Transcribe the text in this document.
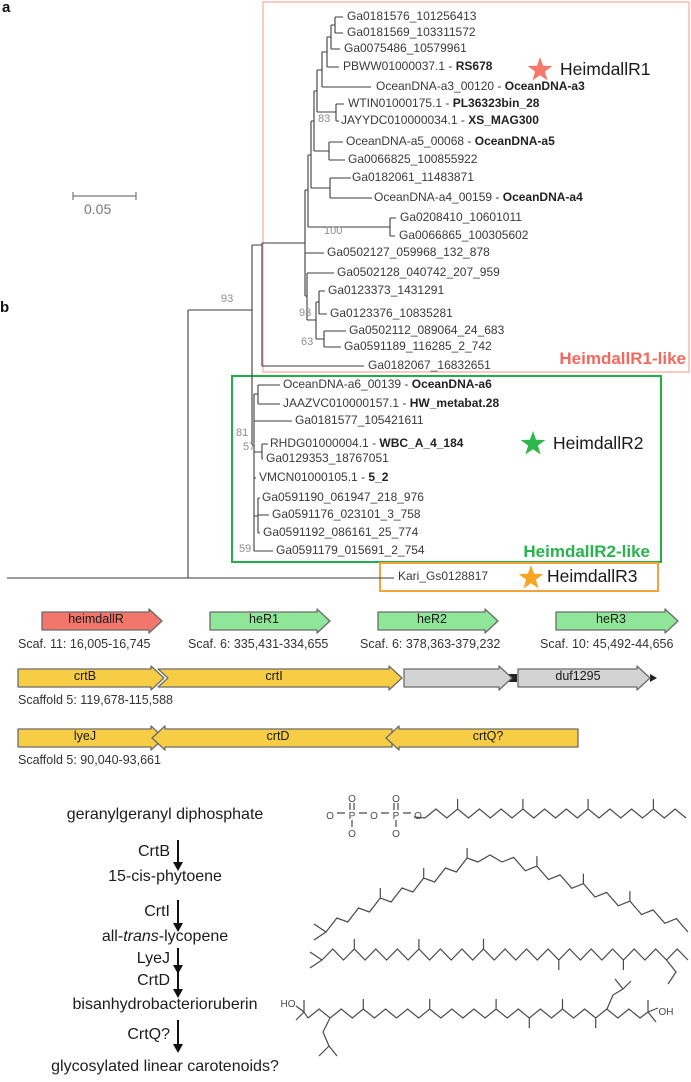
O P
O
O
O P
O
O
O
HO
OH
a
b
0.05
HeimdallR1
HeimdallR2
HeimdallR3
HeimdallR1-like
HeimdallR2-like
Scaf. 11: 16,005-16,745	Scaf. 6: 335,431-334,655	Scaf. 6: 378,363-379,232	Scaf. 10: 45,492-44,656
Scaffold 5: 119,678-115,588
Scaffold 5: 90,040-93,661
geranylgeranyl diphosphate
15-cis-phytoene
all-trans-lycopene
bisanhydrobacterioruberin
glycosylated linear carotenoids?
CrtB
CrtI
LyeJ
CrtD
CrtQ?
Ga0181576_101256413
Ga0181569_103311572
Ga0075486_10579961
PBWW01000037.1 - RS678
OceanDNA-a3_00120 - OceanDNA-a3
WTIN01000175.1 - PL36323bin_28
JAYYDC010000034.1 - XS_MAG300
OceanDNA-a5_00068 - OceanDNA-a5
Ga0066825_100855922
Ga0182061_11483871
OceanDNA-a4_00159 - OceanDNA-a4
Ga0208410_10601011
Ga0066865_100305602
Ga0502127_059968_132_878
Ga0502128_040742_207_959
Ga0123373_1431291
Ga0123376_10835281
Ga0502112_089064_24_683
Ga0591189_116285_2_742
Ga0182067_16832651
OceanDNA-a6_00139 - OceanDNA-a6
JAAZVC010000157.1 - HW_metabat.28
Ga0181577_105421611
RHDG01000004.1 - WBC_A_4_184
Ga0129353_18767051
VMCN01000105.1 - 5_2
Ga0591190_061947_218_976
Ga0591176_023101_3_758
Ga0591192_086161_25_774
Ga0591179_015691_2_754
Kari_Gs0128817
83
100
93
93
63
81
57
59
heimdallR	heR1	heR2	heR3
crtB	crtI	duf1295
lyeJ	crtD	crtQ?
